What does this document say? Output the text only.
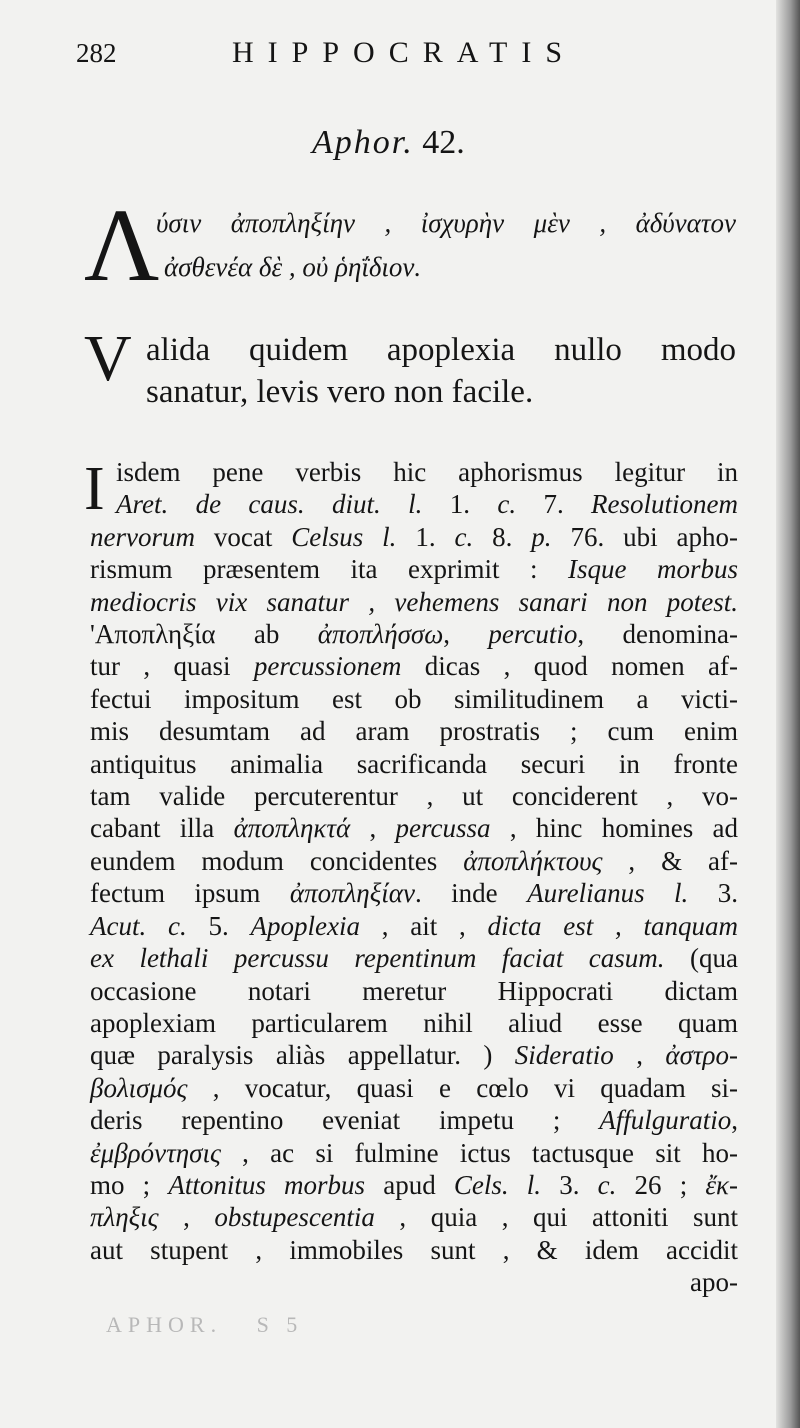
282	HIPPOCRATIS
Aphor. 42.
Λ
ύσιν ἀποπληξίην , ἰσχυρὴν μὲν , ἀδύνατον
ἀσθενέα δὲ , οὐ ῥηΐδιον.
V alida quidem apoplexia nullo modo
sanatur, levis vero non facile.
I isdem pene verbis hic aphorismus legitur in
Aret. de caus. diut. l. 1. c. 7. Resolutionem
nervorum vocat Celsus l. 1. c. 8. p. 76. ubi apho-
rismum præsentem ita exprimit : Isque morbus
mediocris vix sanatur , vehemens sanari non potest.
'Αποπληξία ab ἀποπλήσσω, percutio, denomina-
tur , quasi percussionem dicas , quod nomen af-
fectui impositum est ob similitudinem a victi-
mis desumtam ad aram prostratis ; cum enim
antiquitus animalia sacrificanda securi in fronte
tam valide percuterentur , ut conciderent , vo-
cabant illa ἀποπληκτά , percussa , hinc homines ad
eundem modum concidentes ἀποπλήκτους , & af-
fectum ipsum ἀποπληξίαν. inde Aurelianus l. 3.
Acut. c. 5. Apoplexia , ait , dicta est , tanquam
ex lethali percussu repentinum faciat casum. (qua
occasione notari meretur Hippocrati dictam
apoplexiam particularem nihil aliud esse quam
quæ paralysis aliàs appellatur. ) Sideratio , ἀστρο-
βολισμός , vocatur, quasi e cœlo vi quadam si-
deris repentino eveniat impetu ; Affulguratio,
ἐμβρόντησις , ac si fulmine ictus tactusque sit ho-
mo ; Attonitus morbus apud Cels. l. 3. c. 26 ; ἔκ-
πληξις , obstupescentia , quia , qui attoniti sunt
aut stupent , immobiles sunt , & idem accidit
apo-
APHOR.   S 5
